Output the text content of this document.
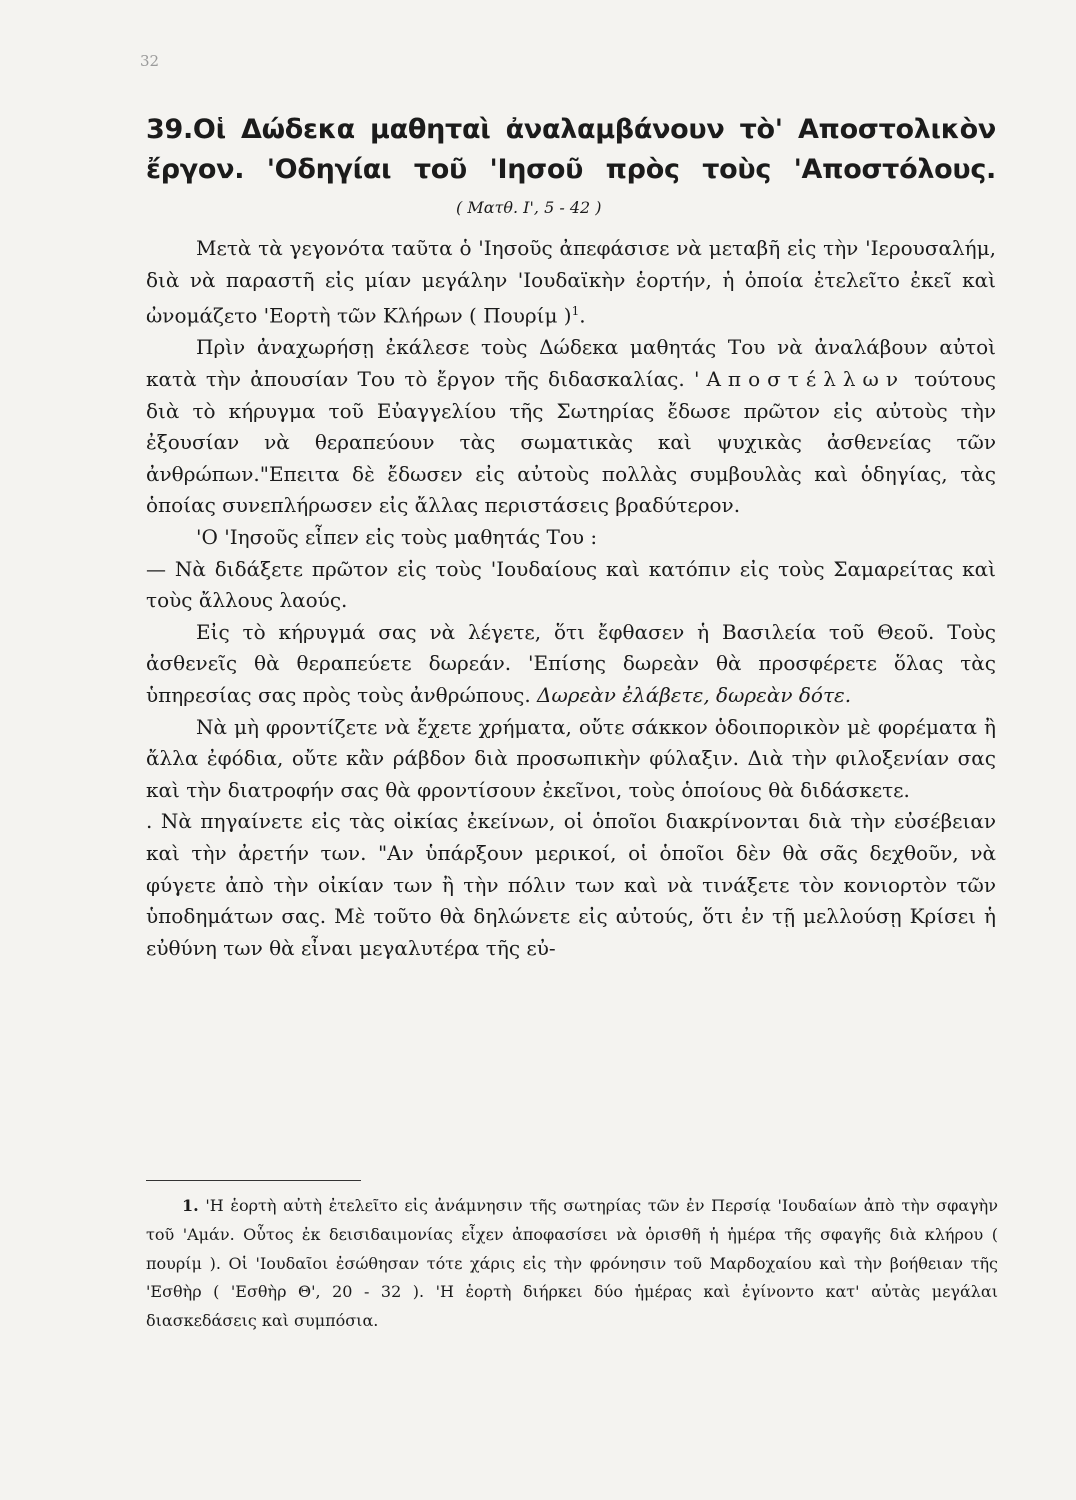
32
39.Οἱ Δώδεκα μαθηταὶ ἀναλαμβάνουν τὸ' Αποστολικὸν
ἔργον. 'Οδηγίαι τοῦ 'Ιησοῦ πρὸς τοὺς 'Αποστόλους.
( Ματθ. Ι', 5 - 42 )

Μετὰ τὰ γεγονότα ταῦτα ὁ 'Ιησοῦς ἀπεφάσισε νὰ μεταβῆ εἰς τὴν 'Ιερουσαλήμ, διὰ νὰ παραστῆ εἰς μίαν μεγάλην 'Ιουδαϊκὴν ἑορτήν, ἡ ὁποία ἐτελεῖτο ἐκεῖ καὶ ὠνομάζετο 'Εορτὴ τῶν Κλήρων ( Πουρίμ )$^1$.

Πρὶν ἀναχωρήσῃ ἐκάλεσε τοὺς Δώδεκα μαθητάς Του νὰ ἀναλάβουν αὐτοὶ κατὰ τὴν ἀπουσίαν Του τὸ ἔργον τῆς διδασκαλίας. 'Αποστέλλων τούτους διὰ τὸ κήρυγμα τοῦ Εὐαγγελίου τῆς Σωτηρίας ἔδωσε πρῶτον εἰς αὐτοὺς τὴν ἐξουσίαν νὰ θεραπεύουν τὰς σωματικὰς καὶ ψυχικὰς ἀσθενείας τῶν ἀνθρώπων."Επειτα δὲ ἔδωσεν εἰς αὐτοὺς πολλὰς συμβουλὰς καὶ ὁδηγίας, τὰς ὁποίας συνεπλήρωσεν εἰς ἄλλας περιστάσεις βραδύτερον.

'Ο 'Ιησοῦς εἶπεν εἰς τοὺς μαθητάς Του :

— Νὰ διδάξετε πρῶτον εἰς τοὺς 'Ιουδαίους καὶ κατόπιν εἰς τοὺς Σαμαρείτας καὶ τοὺς ἄλλους λαούς.

Εἰς τὸ κήρυγμά σας νὰ λέγετε, ὅτι ἔφθασεν ἡ Βασιλεία τοῦ Θεοῦ. Τοὺς ἀσθενεῖς θὰ θεραπεύετε δωρεάν. 'Επίσης δωρεὰν θὰ προσφέρετε ὅλας τὰς ὑπηρεσίας σας πρὸς τοὺς ἀνθρώπους. Δωρεὰν ἐλάβετε, δωρεὰν δότε.

Νὰ μὴ φροντίζετε νὰ ἔχετε χρήματα, οὔτε σάκκον ὁδοιπορικὸν μὲ φορέματα ἢ ἄλλα ἐφόδια, οὔτε κἂν ράβδον διὰ προσωπικὴν φύλαξιν. Διὰ τὴν φιλοξενίαν σας καὶ τὴν διατροφήν σας θὰ φροντίσουν ἐκεῖνοι, τοὺς ὁποίους θὰ διδάσκετε.

. Νὰ πηγαίνετε εἰς τὰς οἰκίας ἐκείνων, οἱ ὁποῖοι διακρίνονται διὰ τὴν εὐσέβειαν καὶ τὴν ἀρετήν των. "Αν ὑπάρξουν μερικοί, οἱ ὁποῖοι δὲν θὰ σᾶς δεχθοῦν, νὰ φύγετε ἀπὸ τὴν οἰκίαν των ἢ τὴν πόλιν των καὶ νὰ τινάξετε τὸν κονιορτὸν τῶν ὑποδημάτων σας. Μὲ τοῦτο θὰ δηλώνετε εἰς αὐτούς, ὅτι ἐν τῇ μελλούσῃ Κρίσει ἡ εὐθύνη των θὰ εἶναι μεγαλυτέρα τῆς εὐ-

1. 'Η ἑορτὴ αὐτὴ ἐτελεῖτο εἰς ἀνάμνησιν τῆς σωτηρίας τῶν ἐν Περσίᾳ 'Ιουδαίων ἀπὸ τὴν σφαγὴν τοῦ 'Αμάν. Οὗτος ἐκ δεισιδαιμονίας εἶχεν ἀποφασίσει νὰ ὁρισθῆ ἡ ἡμέρα τῆς σφαγῆς διὰ κλήρου ( πουρίμ ). Οἱ 'Ιουδαῖοι ἐσώθησαν τότε χάρις εἰς τὴν φρόνησιν τοῦ Μαρδοχαίου καὶ τὴν βοήθειαν τῆς 'Εσθὴρ ( 'Εσθὴρ Θ', 20 - 32 ). 'Η ἑορτὴ διήρκει δύο ἡμέρας καὶ ἐγίνοντο κατ' αὐτὰς μεγάλαι διασκεδάσεις καὶ συμπόσια.
